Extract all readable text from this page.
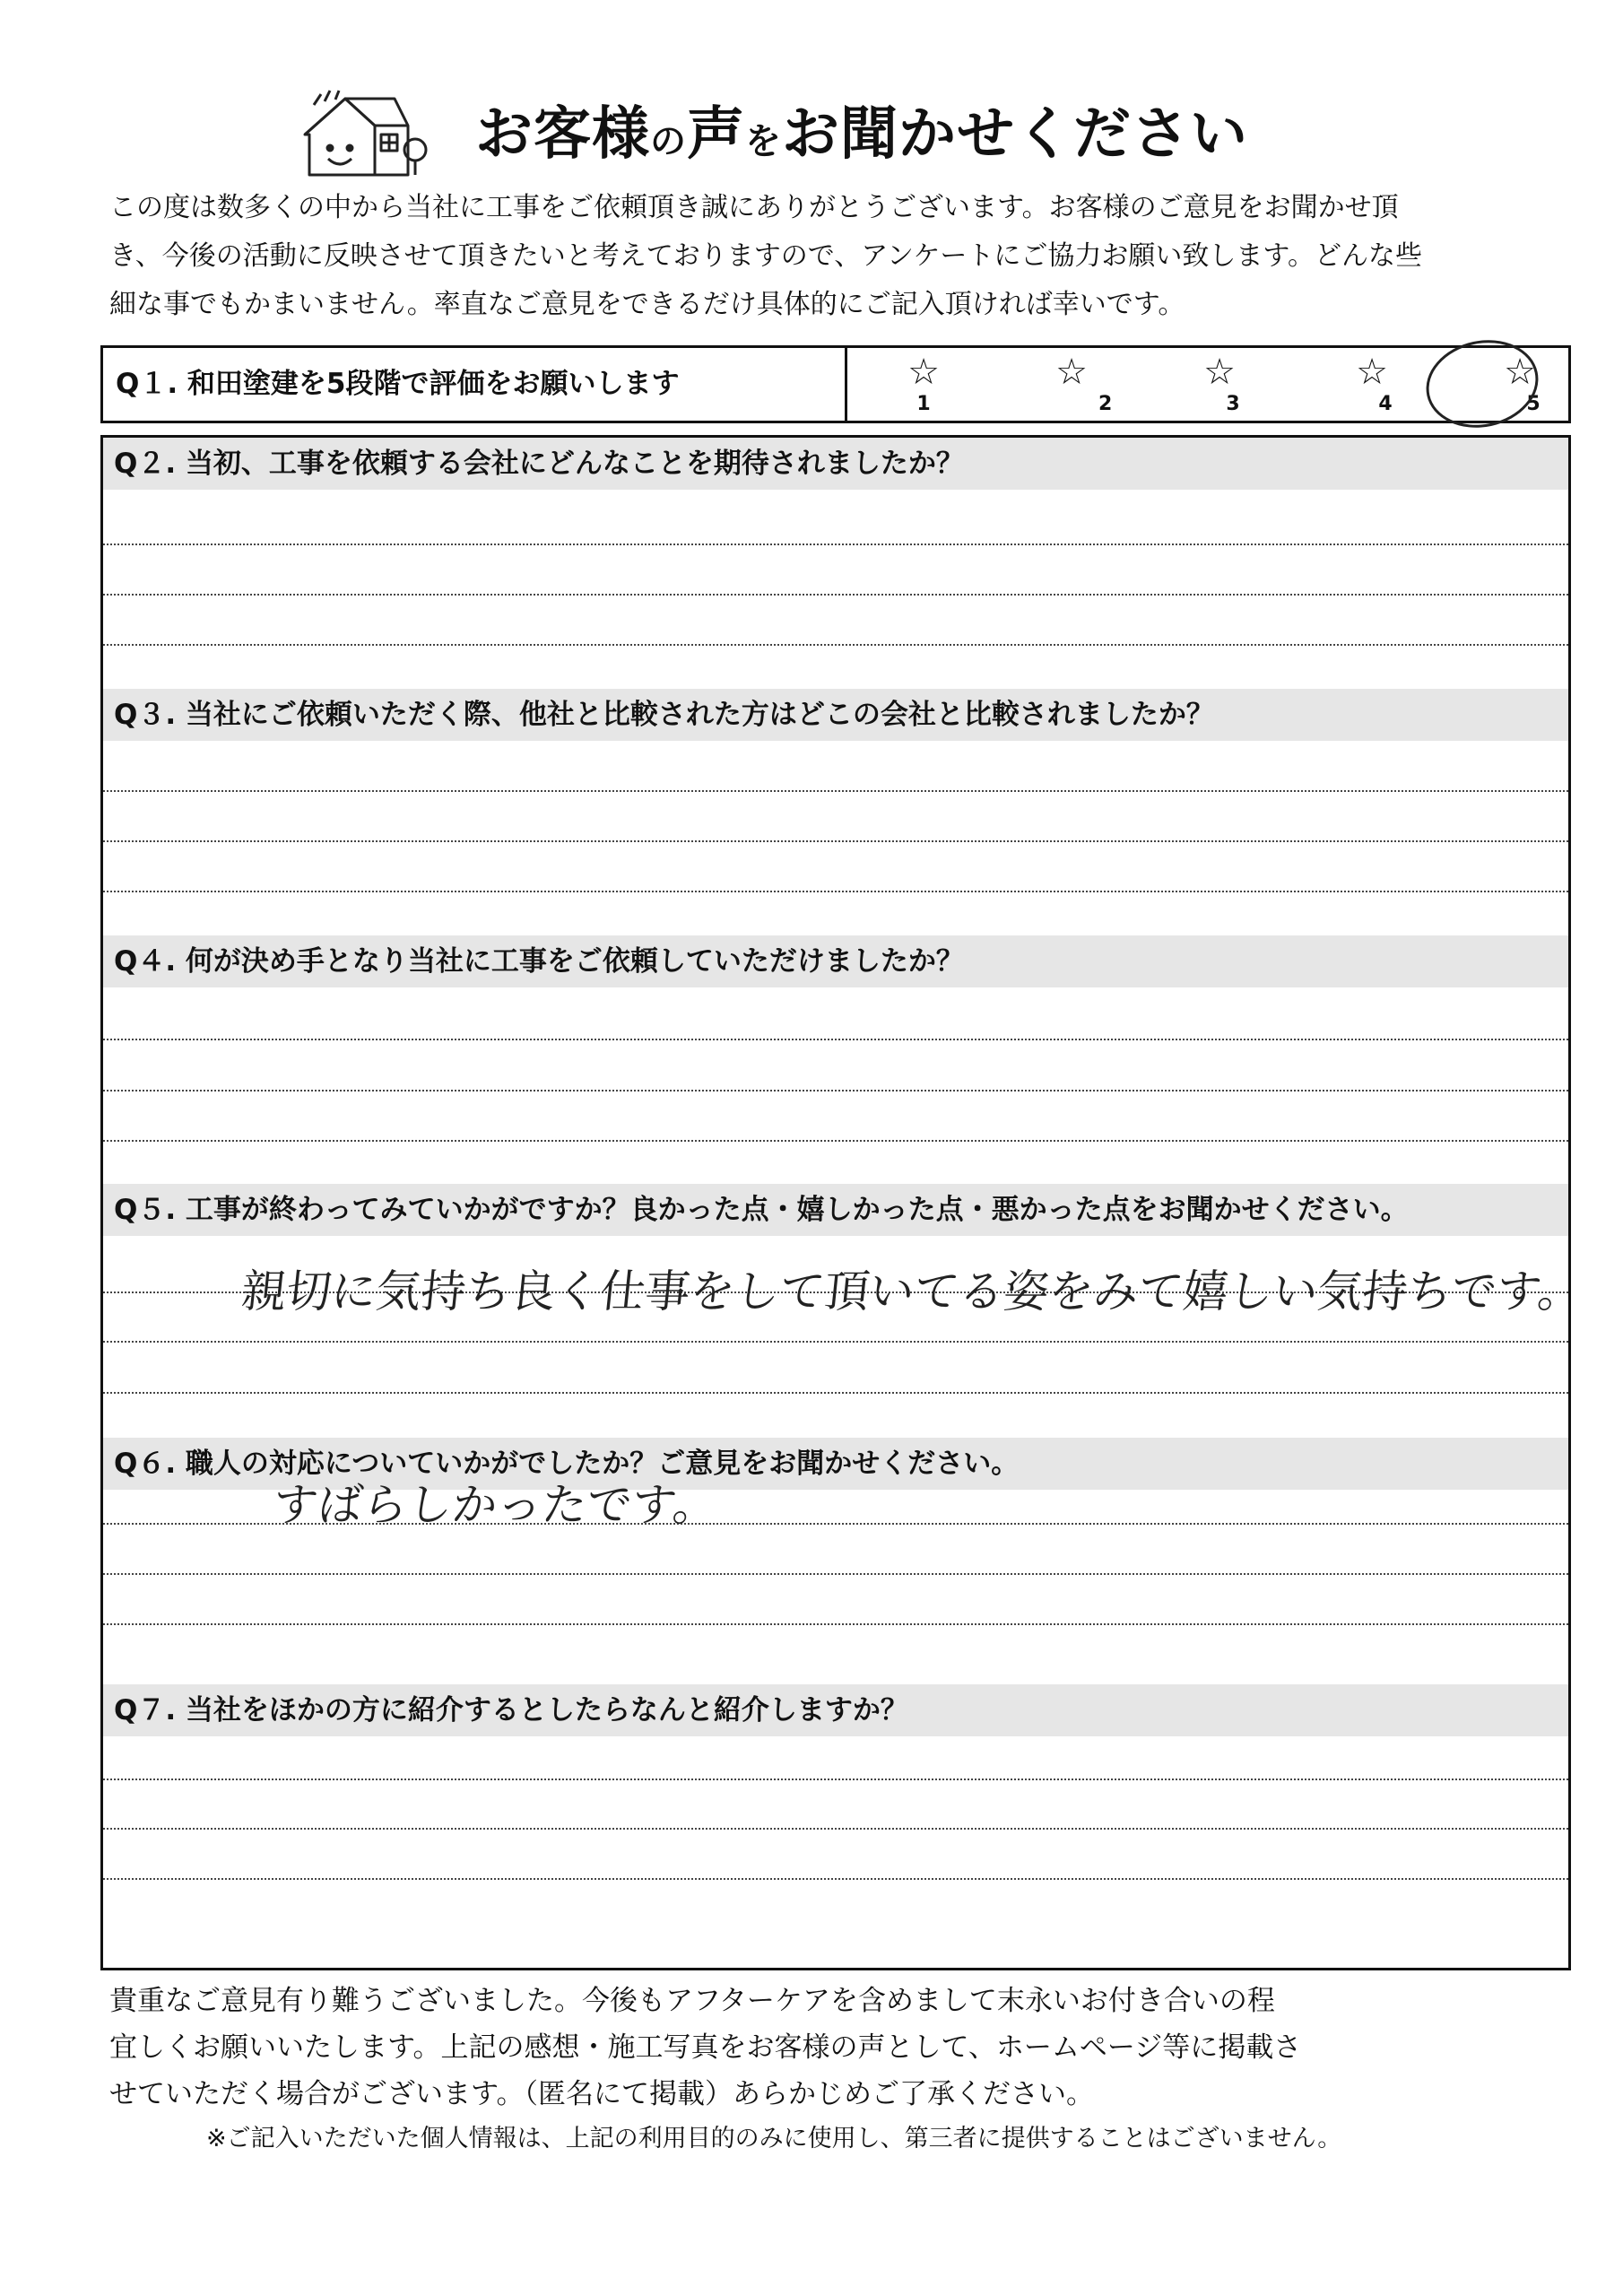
お客様の声をお聞かせください
この度は数多くの中から当社に工事をご依頼頂き誠にありがとうございます。お客様のご意見をお聞かせ頂
き、今後の活動に反映させて頂きたいと考えておりますので、アンケートにご協力お願い致します。どんな些
細な事でもかまいません。率直なご意見をできるだけ具体的にご記入頂ければ幸いです。
Q１. 和田塗建を5段階で評価をお願いします	☆
1
☆
2
☆
3
☆
4
☆
5
Q２. 当初、工事を依頼する会社にどんなことを期待されましたか？
Q３. 当社にご依頼いただく際、他社と比較された方はどこの会社と比較されましたか？
Q４. 何が決め手となり当社に工事をご依頼していただけましたか？
Q５. 工事が終わってみていかがですか？良かった点・嬉しかった点・悪かった点をお聞かせください。
親切に気持ち良く仕事をして頂いてる姿をみて嬉しい気持ちです。
Q６. 職人の対応についていかがでしたか？ご意見をお聞かせください。
すばらしかったです。
Q７. 当社をほかの方に紹介するとしたらなんと紹介しますか？
貴重なご意見有り難うございました。今後もアフターケアを含めまして末永いお付き合いの程
宜しくお願いいたします。上記の感想・施工写真をお客様の声として、ホームページ等に掲載さ
せていただく場合がございます。（匿名にて掲載）あらかじめご了承ください。
※ご記入いただいた個人情報は、上記の利用目的のみに使用し、第三者に提供することはございません。
